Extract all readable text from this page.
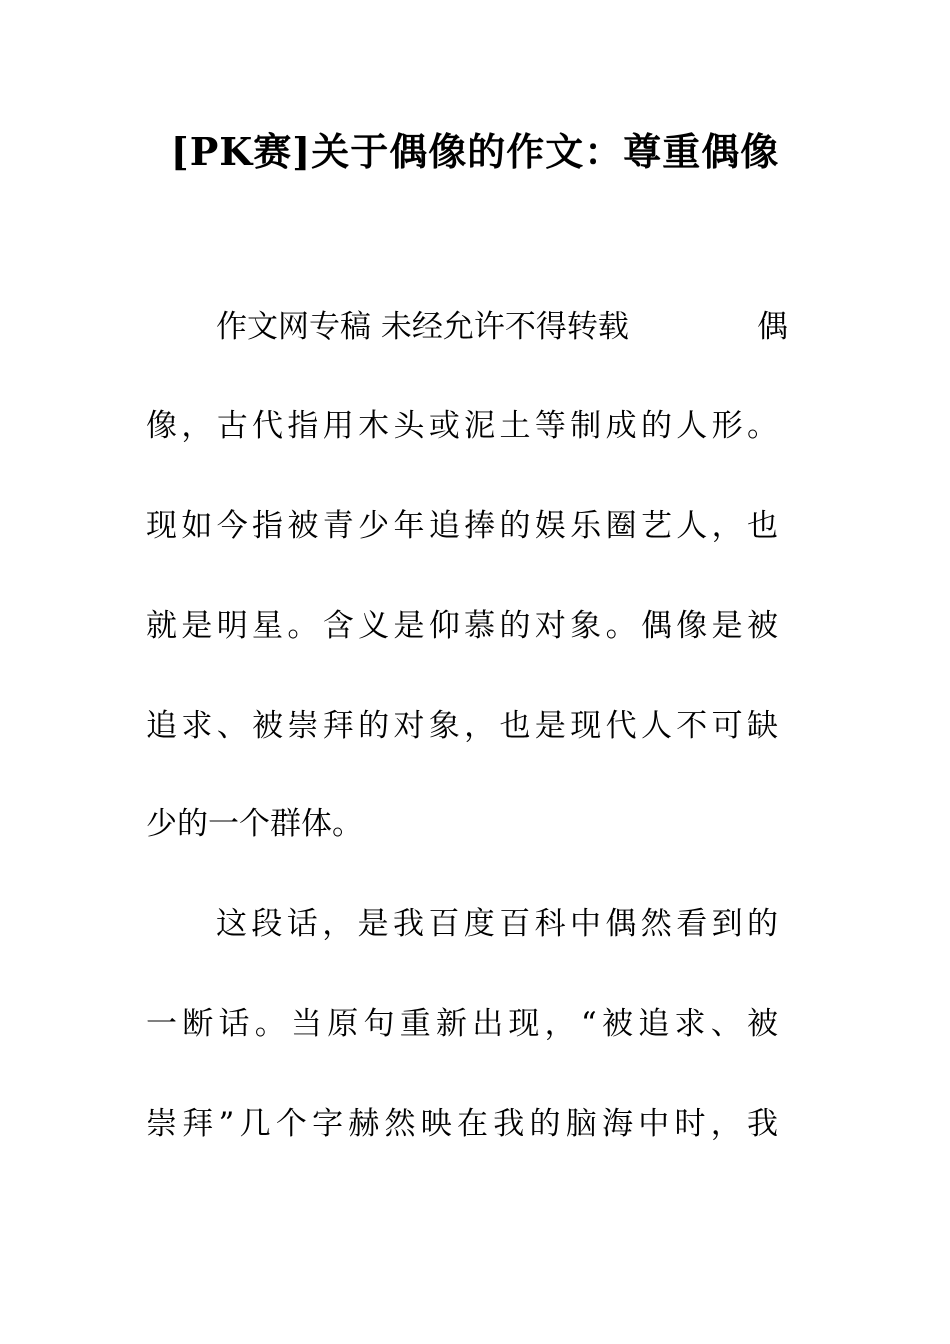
[PK赛]关于偶像的作文：尊重偶像
作文网专稿 未经允许不得转载	偶
像，古代指用木头或泥土等制成的人形。
现如今指被青少年追捧的娱乐圈艺人，也
就是明星。含义是仰慕的对象。偶像是被
追求、被崇拜的对象，也是现代人不可缺
少的一个群体。
这段话，是我百度百科中偶然看到的
一断话。当原句重新出现，“被追求、被
崇拜”几个字赫然映在我的脑海中时，我
